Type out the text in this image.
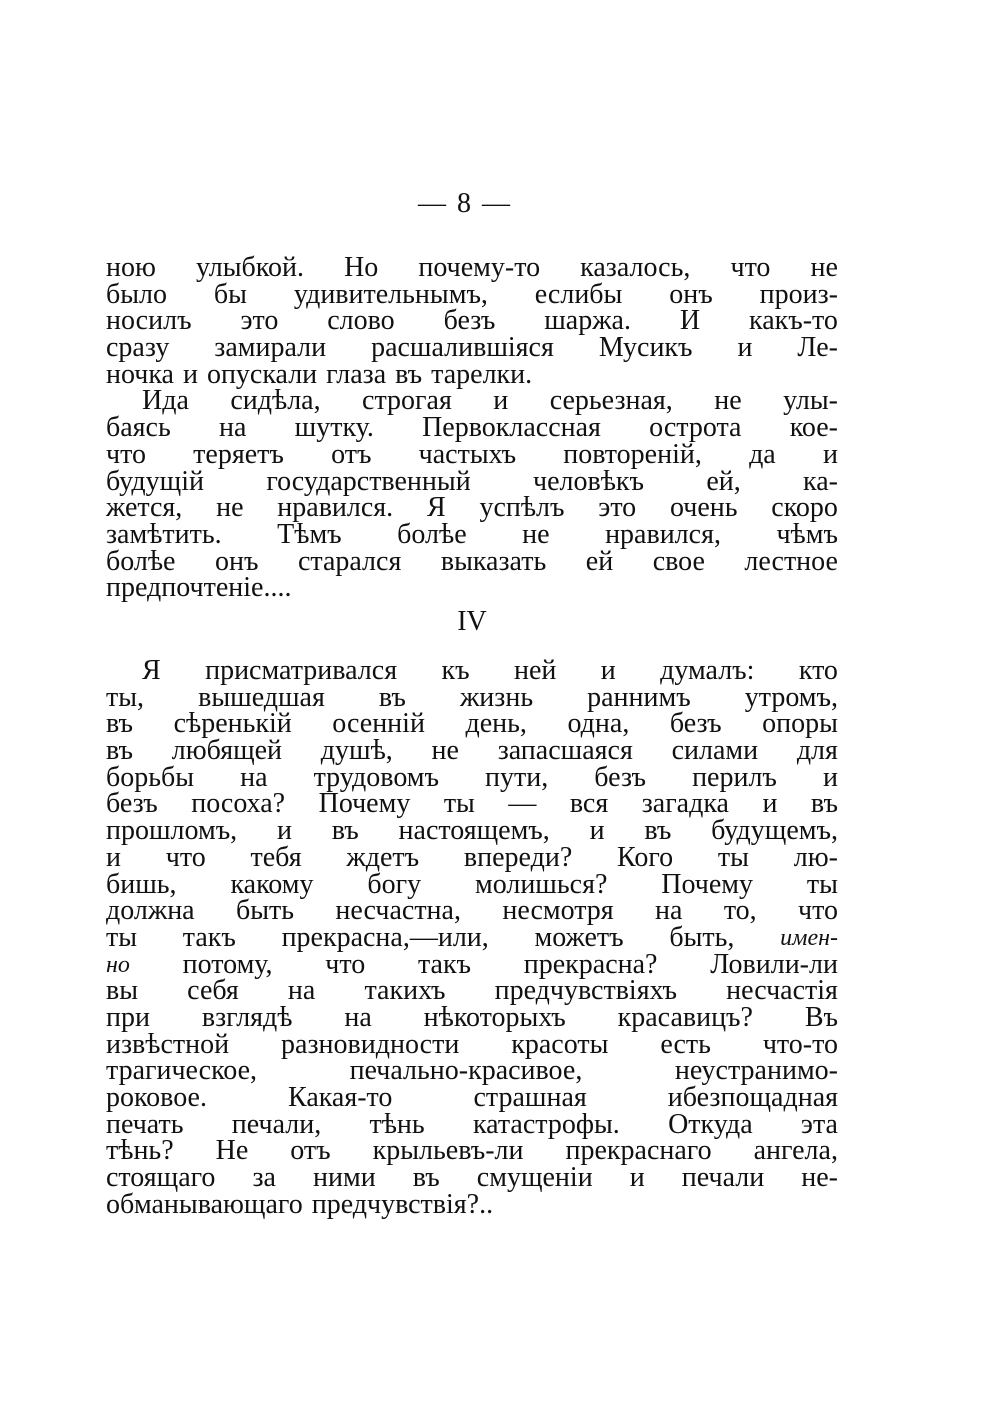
— 8 —
ною улыбкой. Но почему-то казалось, что не
было бы удивительнымъ, еслибы онъ произ-
носилъ это слово безъ шаржа. И какъ-то
сразу замирали расшалившіяся Мусикъ и Ле-
ночка и опускали глаза въ тарелки.
Ида сидѣла, строгая и серьезная, не улы-
баясь на шутку. Первоклассная острота кое-
что теряетъ отъ частыхъ повтореній, да и
будущій государственный человѣкъ ей, ка-
жется, не нравился. Я успѣлъ это очень скоро
замѣтить. Тѣмъ болѣе не нравился, чѣмъ
болѣе онъ старался выказать ей свое лестное
предпочтеніе....
IV
Я присматривался къ ней и думалъ: кто
ты, вышедшая въ жизнь раннимъ утромъ,
въ сѣренькій осенній день, одна, безъ опоры
въ любящей душѣ, не запасшаяся силами для
борьбы на трудовомъ пути, безъ перилъ и
безъ посоха? Почему ты — вся загадка и въ
прошломъ, и въ настоящемъ, и въ будущемъ,
и что тебя ждетъ впереди? Кого ты лю-
бишь, какому богу молишься? Почему ты
должна быть несчастна, несмотря на то, что
ты такъ прекрасна,—или, можетъ быть, имен-
но потому, что такъ прекрасна? Ловили-ли
вы себя на такихъ предчувствіяхъ несчастія
при взглядѣ на нѣкоторыхъ красавицъ? Въ
извѣстной разновидности красоты есть что-то
трагическое,	печально-красивое,	неустранимо-
роковое.	Какая-то	страшная	ибезпощадная
печать печали, тѣнь катастрофы. Откуда эта
тѣнь? Не отъ крыльевъ-ли прекраснаго ангела,
стоящаго за ними въ смущеніи и печали не-
обманывающаго предчувствія?..
